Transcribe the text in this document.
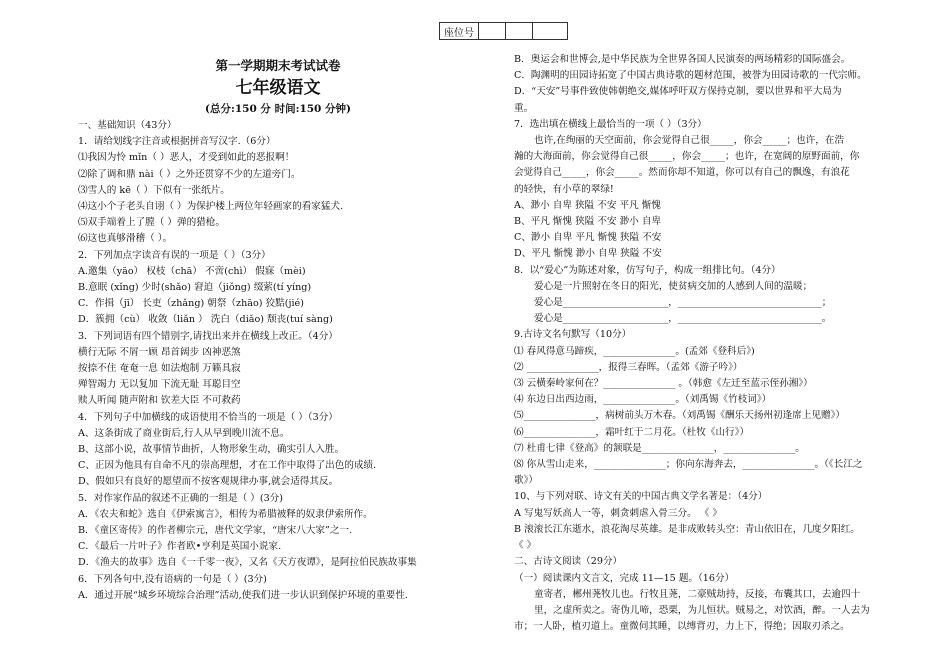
座位号			
第一学期期末考试试卷
七年级语文
(总分:150 分 时间:150 分钟)
一、基础知识（43分）
1．请给划线字注音或根据拼音写汉字.（6分）
⑴我因为怜 mǐn（ ）恶人，才受到如此的恶报啊！
⑵除了调和鼎 nài（ ）之外还贯穿不少的左道旁门。
⑶雪人的 kē（ ）下似有一张纸片。
⑷这小个子老头自诩（ ）为保护楼上两位年轻画家的看家猛犬.
⑸双手端着上了膛（ ）弹的猎枪。
⑹这也真够滑稽（ ）。
2．下列加点字读音有误的一项是（ ）（3分）
A.邀集（yāo） 权枝（chā） 不啻(chì） 假寐（mèi)
B.意眠 (xǐng) 少时(shǎo) 窘迫（jiǒng) 缀萦(tí yíng)
C．作揖（jī） 长吏（zhǎng) 朝祭（zhāo) 狡黠(jié)
D．簇拥（cù） 收敛（liǎn ） 洗白（diǎo) 颓丧(tuí sàng)
3．下列词语有四个错别字,请找出来并在横线上改正。（4分）
横行无际 不屑一顾 昂首阔步 凶神恶煞
按捺不住 奄奄一息 如法炮制 万籁具寂
殚智竭力 无以复加 下流无耻 耳聪目空
赎人听闻 随声附和 钦差大臣 不可救药
4．下列句子中加横线的成语使用不恰当的一项是（ ）（3分）
A、这条街成了商业街后,行人从早到晚川流不息。
B、这部小说，故事情节曲折，人物形象生动，确实引人入胜。
C、正因为他具有自命不凡的崇高理想，才在工作中取得了出色的成绩.
D、假如只有良好的愿望而不按客观规律办事,就会适得其反。
5．对作家作品的叙述不正确的一组是（ ）(3分)
A．《农夫和蛇》选自《伊索寓言》，相传为希腊被释的奴隶伊索所作。
B．《童区寄传》的作者柳宗元，唐代文学家，“唐宋八大家”之一.
C．《最后一片叶子》作者欧•亨利是英国小说家.
D．《渔夫的故事》选自《一千零一夜》，又名《天方夜谭》，是阿拉伯民族故事集
6．下列各句中,没有语病的一句是（ ）(3分)
A．通过开展“城乡环境综合治理”活动,使我们进一步认识到保护环境的重要性.
B．奥运会和世博会,是中华民族为全世界各国人民演奏的两场精彩的国际盛会。
C．陶渊明的田园诗拓宽了中国古典诗歌的题材范围，被誉为田园诗歌的一代宗师。
D．“天安”号事件致使韩朝绝交,媒体呼吁双方保持克制，要以世界和平大局为
重。
7．选出填在横线上最恰当的一项（ ）（3分）
也许,在绚丽的天空面前，你会觉得自己很_____，你会_____；也许，在浩
瀚的大海面前，你会觉得自己很_____，你会_____；也许，在宽阔的原野面前，你
会觉得自己_____，你会_____。然而你却不知道，你可以有自己的飘逸，有浪花
的轻快，有小草的翠绿!
A、渺小 自卑 狭隘 不安 平凡 惭愧
B、平凡 惭愧 狭隘 不安 渺小 自卑
C、渺小 自卑 平凡 惭愧 狭隘 不安
D、平凡 惭愧 渺小 自卑 狭隘 不安
8．以“爱心”为陈述对象，仿写句子，构成一组排比句。（4分）
爱心是一片照射在冬日的阳光，使贫病交加的人感到人间的温暖；
爱心是______________________，______________________________；
爱心是______________________，______________________________。
9.古诗文名句默写（10分）
⑴ 春风得意马蹄疾，_______________。(孟郊《登科后》)
⑵ _______________，报得三春晖。（孟郊《游子吟》）
⑶ 云横秦岭家何在？_______________ 。（韩愈《左迁至蓝示侄孙湘》）
⑷ 东边日出西边雨，_______________。（刘禹锡《竹枝词》）
⑸_______________，病树前头万木春。（刘禹锡《酬乐天扬州初逢席上见赠》）
⑹_______________，霜叶红于二月花。（杜牧《山行》）
⑺ 杜甫七律《登高》的颔联是_______________，_______________。
⑻ 你从雪山走来，_______________；你向东海奔去，_______________。（《长江之
歌》）
10、与下列对联、诗文有关的中国古典文学名著是：（4分）
A 写鬼写妖高人一等，刺贪刺虐入骨三分。 《 》
B 滚滚长江东逝水，浪花淘尽英雄。是非成败转头空：青山依旧在，几度夕阳红。
《 》
二、古诗文阅读（29分）
（一）阅读课内文言文，完成 11—15 题。（16分）
童寄者，郴州荛牧儿也。行牧且荛，二豪贼劫持，反接，布囊其口，去逾四十
里，之虚所卖之。寄伪儿啼，恐栗，为儿恒状。贼易之，对饮酒，醉。一人去为
市；一人卧，植刃道上。童微伺其睡，以缚背刃，力上下，得绝；因取刃杀之。
